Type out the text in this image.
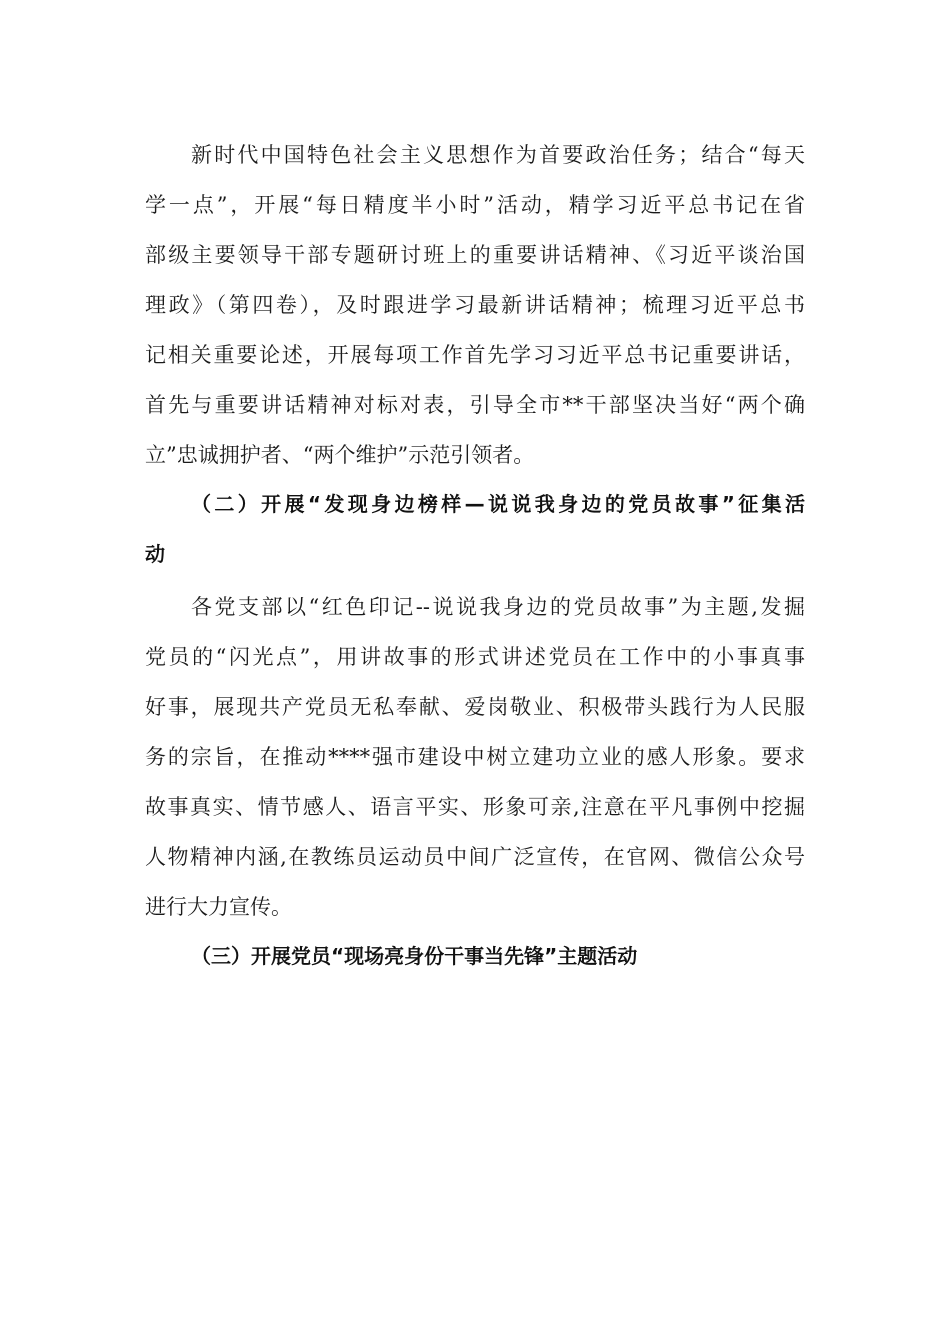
新时代中国特色社会主义思想作为首要政治任务；结合“每天
学一点”，开展“每日精度半小时”活动，精学习近平总书记在省
部级主要领导干部专题研讨班上的重要讲话精神、《习近平谈治国
理政》（第四卷），及时跟进学习最新讲话精神；梳理习近平总书
记相关重要论述，开展每项工作首先学习习近平总书记重要讲话，
首先与重要讲话精神对标对表，引导全市**干部坚决当好“两个确
立”忠诚拥护者、“两个维护”示范引领者。
（二）开展“发现身边榜样—说说我身边的党员故事”征集活
动
各党支部以“红色印记--说说我身边的党员故事”为主题,发掘
党员的“闪光点”，用讲故事的形式讲述党员在工作中的小事真事
好事，展现共产党员无私奉献、爱岗敬业、积极带头践行为人民服
务的宗旨，在推动****强市建设中树立建功立业的感人形象。要求
故事真实、情节感人、语言平实、形象可亲,注意在平凡事例中挖掘
人物精神内涵,在教练员运动员中间广泛宣传，在官网、微信公众号
进行大力宣传。
（三）开展党员“现场亮身份干事当先锋”主题活动
